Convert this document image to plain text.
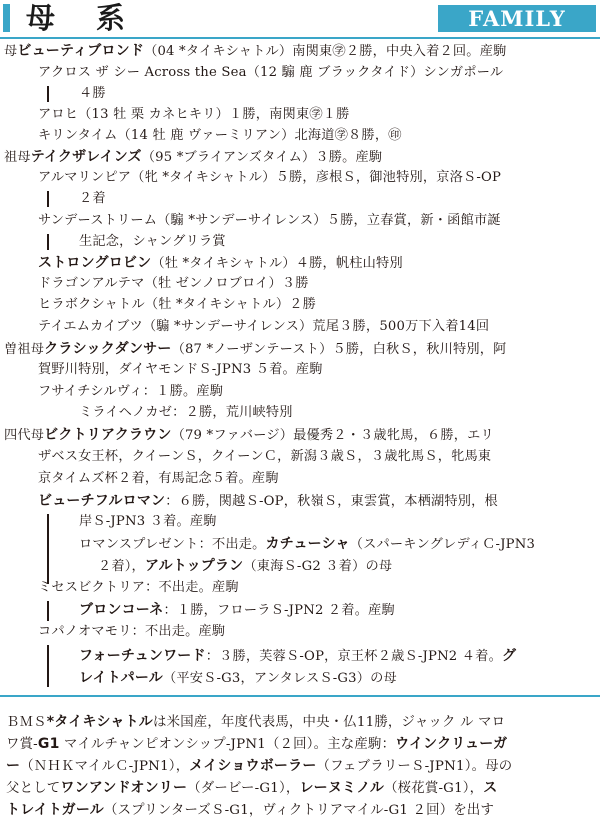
母　系	FAMILY
母ビューティブロンド（04 *タイキシャトル）南関東㊫２勝，中央入着２回。産駒
アクロス ザ シー Across the Sea（12 騸 鹿 ブラックタイド）シンガポール
４勝
アロヒ（13 牡 栗 カネヒキリ）１勝，南関東㊫１勝
キリンタイム（14 牡 鹿 ヴァーミリアン）北海道㊫８勝，㊞
祖母テイクザレインズ（95 *ブライアンズタイム）３勝。産駒
アルマリンピア（牝 *タイキシャトル）５勝，彦根Ｓ，御池特別，京洛Ｓ-OP
２着
サンデーストリーム（騸 *サンデーサイレンス）５勝，立春賞，新・函館市誕
生記念，シャングリラ賞
ストロングロビン（牡 *タイキシャトル）４勝，帆柱山特別
ドラゴンアルテマ（牡 ゼンノロブロイ）３勝
ヒラボクシャトル（牡 *タイキシャトル）２勝
テイエムカイブツ（騸 *サンデーサイレンス）荒尾３勝，500万下入着14回
曽祖母クラシックダンサー（87 *ノーザンテースト）５勝，白秋Ｓ，秋川特別，阿
賀野川特別，ダイヤモンドＳ-JPN3 ５着。産駒
フサイチシルヴィ：１勝。産駒
ミライヘノカゼ：２勝，荒川峡特別
四代母ビクトリアクラウン（79 *ファバージ）最優秀２・３歳牝馬，６勝，エリ
ザベス女王杯，クイーンＳ，クイーンＣ，新潟３歳Ｓ，３歳牝馬Ｓ，牝馬東
京タイムズ杯２着，有馬記念５着。産駒
ビューチフルロマン：６勝，関越Ｓ-OP，秋嶺Ｓ，東雲賞，本栖湖特別，根
岸Ｓ-JPN3 ３着。産駒
ロマンスプレゼント：不出走。カチューシャ（スパーキングレディＣ-JPN3
２着），アルトップラン（東海Ｓ-G2 ３着）の母
ミセスビクトリア：不出走。産駒
ブロンコーネ：１勝，フローラＳ-JPN2 ２着。産駒
コパノオマモリ：不出走。産駒
フォーチュンワード：３勝，芙蓉Ｓ-OP，京王杯２歳Ｓ-JPN2 ４着。グ
レイトパール（平安Ｓ-G3，アンタレスＳ-G3）の母
ＢＭＳ*タイキシャトルは米国産，年度代表馬，中央・仏11勝，ジャック ル マロ
ワ賞-G1 マイルチャンピオンシップ-JPN1（２回）。主な産駒：ウインクリューガ
ー（ＮＨＫマイルＣ-JPN1），メイショウボーラー（フェブラリーＳ-JPN1）。母の
父としてワンアンドオンリー（ダービー-G1），レーヌミノル（桜花賞-G1），ス
トレイトガール（スプリンターズＳ-G1，ヴィクトリアマイル-G1 ２回）を出す
